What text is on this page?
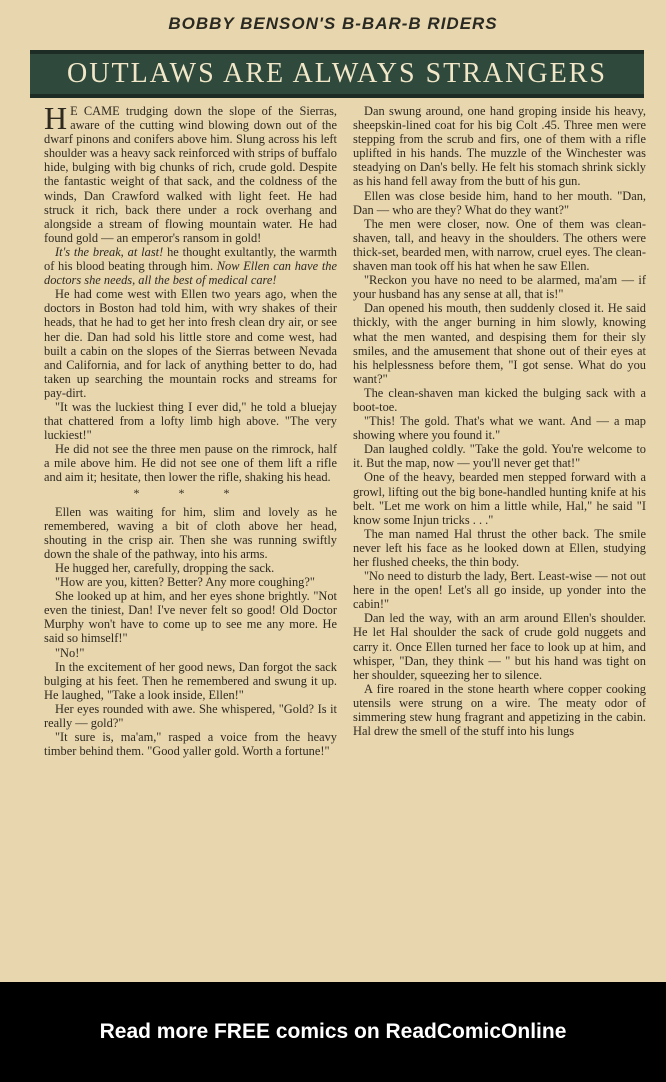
BOBBY BENSON'S B-BAR-B RIDERS
OUTLAWS ARE ALWAYS STRANGERS

H E CAME trudging down the slope of the Sierras, aware of the cutting wind blowing down out of the dwarf pinons and conifers above him. Slung across his left shoulder was a heavy sack reinforced with strips of buffalo hide, bulging with big chunks of rich, crude gold. Despite the fantastic weight of that sack, and the coldness of the winds, Dan Crawford walked with light feet. He had struck it rich, back there under a rock overhang and alongside a stream of flowing mountain water. He had found gold — an emperor's ransom in gold!

It's the break, at last! he thought exultantly, the warmth of his blood beating through him. Now Ellen can have the doctors she needs, all the best of medical care!

He had come west with Ellen two years ago, when the doctors in Boston had told him, with wry shakes of their heads, that he had to get her into fresh clean dry air, or see her die. Dan had sold his little store and come west, had built a cabin on the slopes of the Sierras between Nevada and California, and for lack of anything better to do, had taken up searching the mountain rocks and streams for pay-dirt.

"It was the luckiest thing I ever did," he told a bluejay that chattered from a lofty limb high above. "The very luckiest!"

He did not see the three men pause on the rimrock, half a mile above him. He did not see one of them lift a rifle and aim it; hesitate, then lower the rifle, shaking his head.

* * *

Ellen was waiting for him, slim and lovely as he remembered, waving a bit of cloth above her head, shouting in the crisp air. Then she was running swiftly down the shale of the pathway, into his arms.

He hugged her, carefully, dropping the sack.

"How are you, kitten? Better? Any more coughing?"

She looked up at him, and her eyes shone brightly. "Not even the tiniest, Dan! I've never felt so good! Old Doctor Murphy won't have to come up to see me any more. He said so himself!"

"No!"

In the excitement of her good news, Dan forgot the sack bulging at his feet. Then he remembered and swung it up. He laughed, "Take a look inside, Ellen!"

Her eyes rounded with awe. She whispered, "Gold? Is it really — gold?"

"It sure is, ma'am," rasped a voice from the heavy timber behind them. "Good yaller gold. Worth a fortune!"

Dan swung around, one hand groping inside his heavy, sheepskin-lined coat for his big Colt .45. Three men were stepping from the scrub and firs, one of them with a rifle uplifted in his hands. The muzzle of the Winchester was steadying on Dan's belly. He felt his stomach shrink sickly as his hand fell away from the butt of his gun.

Ellen was close beside him, hand to her mouth. "Dan, Dan — who are they? What do they want?"

The men were closer, now. One of them was clean-shaven, tall, and heavy in the shoulders. The others were thick-set, bearded men, with narrow, cruel eyes. The clean-shaven man took off his hat when he saw Ellen.

"Reckon you have no need to be alarmed, ma'am — if your husband has any sense at all, that is!"

Dan opened his mouth, then suddenly closed it. He said thickly, with the anger burning in him slowly, knowing what the men wanted, and despising them for their sly smiles, and the amusement that shone out of their eyes at his helplessness before them, "I got sense. What do you want?"

The clean-shaven man kicked the bulging sack with a boot-toe.

"This! The gold. That's what we want. And — a map showing where you found it."

Dan laughed coldly. "Take the gold. You're welcome to it. But the map, now — you'll never get that!"

One of the heavy, bearded men stepped forward with a growl, lifting out the big bone-handled hunting knife at his belt. "Let me work on him a little while, Hal," he said "I know some Injun tricks . . ."

The man named Hal thrust the other back. The smile never left his face as he looked down at Ellen, studying her flushed cheeks, the thin body.

"No need to disturb the lady, Bert. Least-wise — not out here in the open! Let's all go inside, up yonder into the cabin!"

Dan led the way, with an arm around Ellen's shoulder. He let Hal shoulder the sack of crude gold nuggets and carry it. Once Ellen turned her face to look up at him, and whisper, "Dan, they think — " but his hand was tight on her shoulder, squeezing her to silence.

A fire roared in the stone hearth where copper cooking utensils were strung on a wire. The meaty odor of simmering stew hung fragrant and appetizing in the cabin. Hal drew the smell of the stuff into his lungs

Read more FREE comics on ReadComicOnline
